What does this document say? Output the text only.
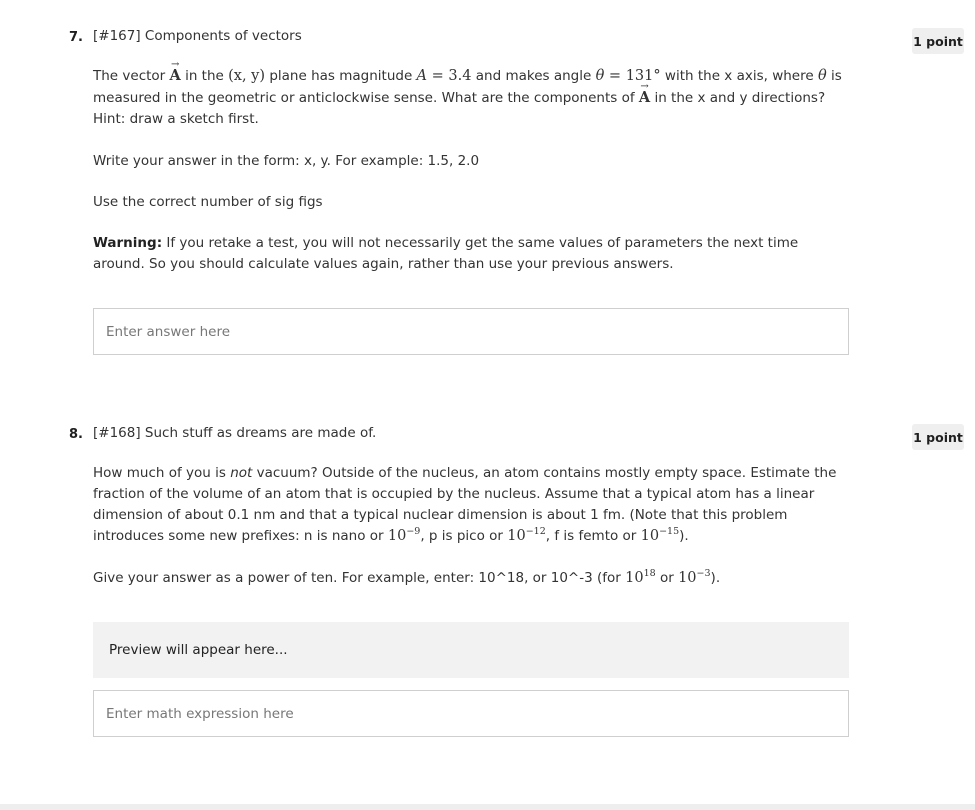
7. [#167] Components of vectors	1 point
The vector → A in the (x, y) plane has magnitude A = 3.4 and makes angle θ = 131° with the x axis, where θ is measured in the geometric or anticlockwise sense. What are the components of → A in the x and y directions? Hint: draw a sketch first.
Write your answer in the form: x, y. For example: 1.5, 2.0
Use the correct number of sig figs
Warning: If you retake a test, you will not necessarily get the same values of parameters the next time around. So you should calculate values again, rather than use your previous answers.
Enter answer here
8. [#168] Such stuff as dreams are made of.	1 point
How much of you is not vacuum? Outside of the nucleus, an atom contains mostly empty space. Estimate the fraction of the volume of an atom that is occupied by the nucleus. Assume that a typical atom has a linear dimension of about 0.1 nm and that a typical nuclear dimension is about 1 fm. (Note that this problem introduces some new prefixes: n is nano or $10^{-9}$, p is pico or $10^{-12}$, f is femto or $10^{-15}$).
Give your answer as a power of ten. For example, enter: 10^18, or 10^-3 (for $10^{18}$ or $10^{-3}$).
Preview will appear here...
Enter math expression here
